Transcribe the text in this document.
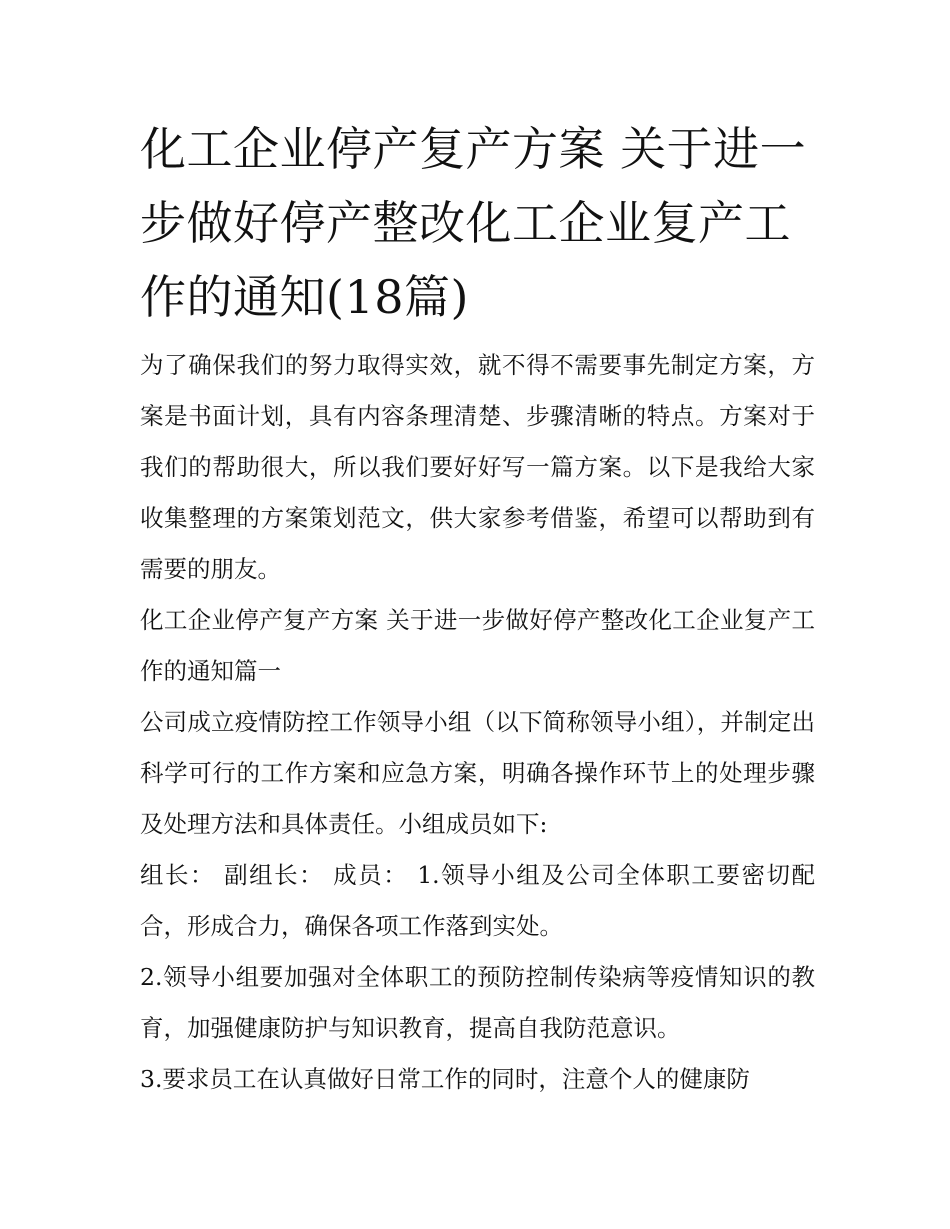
化工企业停产复产方案 关于进一步做好停产整改化工企业复产工作的通知(18篇)

为了确保我们的努力取得实效，就不得不需要事先制定方案，方案是书面计划，具有内容条理清楚、步骤清晰的特点。方案对于我们的帮助很大，所以我们要好好写一篇方案。以下是我给大家收集整理的方案策划范文，供大家参考借鉴，希望可以帮助到有需要的朋友。

化工企业停产复产方案 关于进一步做好停产整改化工企业复产工作的通知篇一

公司成立疫情防控工作领导小组（以下简称领导小组），并制定出科学可行的工作方案和应急方案，明确各操作环节上的处理步骤及处理方法和具体责任。小组成员如下:

组长： 副组长： 成员： 1.领导小组及公司全体职工要密切配合，形成合力，确保各项工作落到实处。

2.领导小组要加强对全体职工的预防控制传染病等疫情知识的教育，加强健康防护与知识教育，提高自我防范意识。

3.要求员工在认真做好日常工作的同时，注意个人的健康防
